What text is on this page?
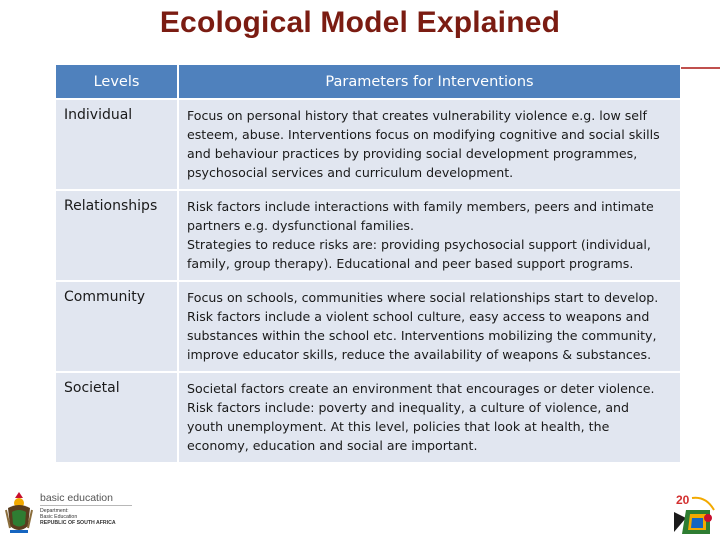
Ecological Model Explained
Levels	Parameters for Interventions
Individual	Focus on personal history that creates vulnerability violence e.g. low self
esteem, abuse. Interventions focus on modifying cognitive and social skills
and behaviour practices by providing social development programmes,
psychosocial services and curriculum development.

Relationships	Risk factors include interactions with family members, peers and intimate
partners e.g. dysfunctional families.
Strategies to reduce risks are: providing psychosocial support (individual,
family, group therapy). Educational and peer based support programs.

Community	Focus on schools, communities where social relationships start to develop.
Risk factors include a violent school culture, easy access to weapons and
substances within the school etc. Interventions mobilizing the community,
improve educator skills, reduce the availability of weapons & substances.

Societal	Societal factors create an environment that encourages or deter violence.
Risk factors include: poverty and inequality, a culture of violence, and
youth unemployment. At this level, policies that look at health, the
economy, education and social are important.
basic education
Department:
Basic Education
REPUBLIC OF SOUTH AFRICA
20
